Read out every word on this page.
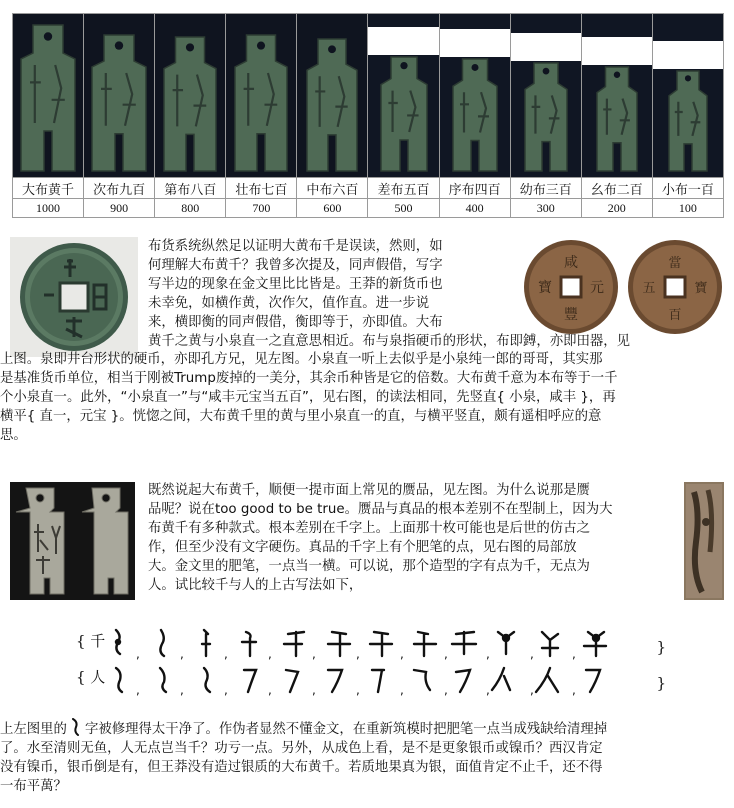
大布黄千	次布九百	第布八百	壮布七百	中布六百	差布五百	序布四百	幼布三百	幺布二百	小布一百
1000	900	800	700	600	500	400	300	200	100
咸
豐
寶	元
當
百
五	寶
布货系统纵然足以证明大黄布千是误读，然则，如
何理解大布黄千？我曾多次提及，同声假借，写字
写半边的现象在金文里比比皆是。王莽的新货币也
未幸免，如横作黄，次作欠，值作直。进一步说
来，横即衡的同声假借，衡即等于，亦即值。大布
黄千之黄与小泉直一之直意思相近。布与泉指硬币的形状，布即鎛，亦即田器，见
上图。泉即井台形状的硬币，亦即孔方兄，见左图。小泉直一听上去似乎是小泉纯一郎的哥哥，其实那
是基准货币单位，相当于刚被Trump废掉的一美分，其余币种皆是它的倍数。大布黄千意为本布等于一千
个小泉直一。此外，“小泉直一”与“咸丰元宝当五百”，见右图，的读法相同，先竖直{ 小泉，咸丰 }，再
横平{ 直一，元宝 }。恍惚之间，大布黄千里的黄与里小泉直一的直，与横平竖直，颇有遥相呼应的意
思。
既然说起大布黄千，顺便一提市面上常见的赝品，见左图。为什么说那是赝
品呢？说在too good to be true。赝品与真品的根本差别不在型制上，因为大
布黄千有多种款式。根本差别在千字上。上面那十枚可能也是后世的仿古之
作，但至少没有文字硬伤。真品的千字上有个肥笔的点，见右图的局部放
大。金文里的肥笔，一点当一横。可以说，那个造型的字有点为千，无点为
人。试比较千与人的上古写法如下，
{ 千
,	,	,	,	,	,	,	,	,	,	,	}
{ 人
,	,	,	,	,	,	,	,	,	,	,	}
上左图里的 字被修理得太干净了。作伪者显然不懂金文，在重新筑模时把肥笔一点当成残缺给清理掉
了。水至清则无鱼，人无点岂当千？功亏一点。另外，从成色上看，是不是更象银币或镍币？西汉肯定
没有镍币，银币倒是有，但王莽没有造过银质的大布黄千。若质地果真为银，面值肯定不止千，还不得
一布平萬？
